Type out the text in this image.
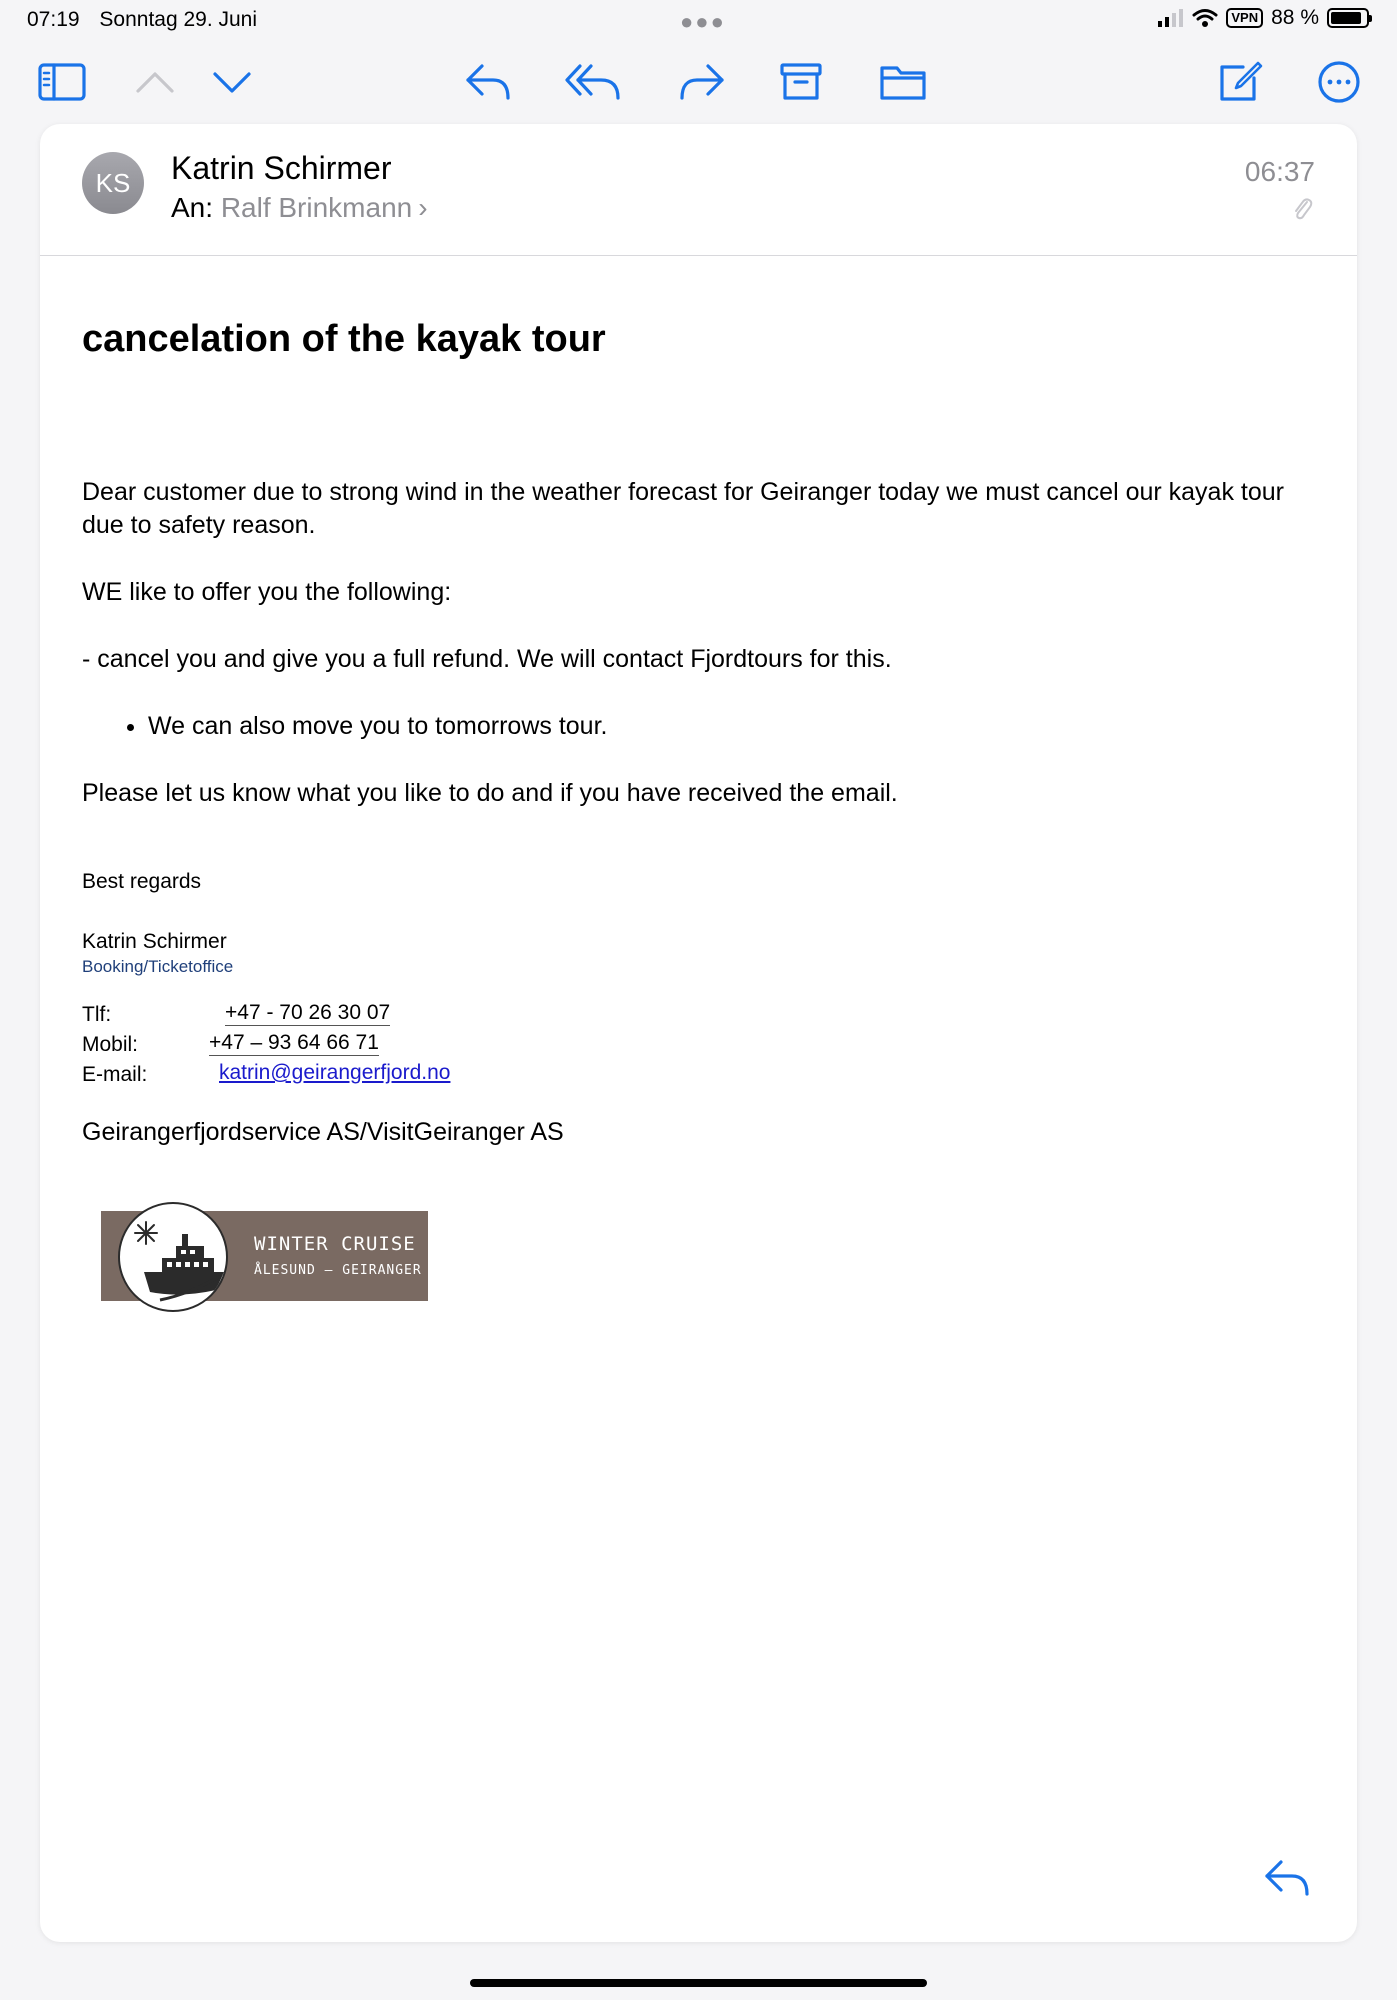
07:19 Sonntag 29. Juni	●●●	VPN 88 %
KS	Katrin Schirmer
An: Ralf Brinkmann ›
06:37
cancelation of the kayak tour

Dear customer due to strong wind in the weather forecast for Geiranger today we must cancel our kayak tour due to safety reason.

WE like to offer you the following:

- cancel you and give you a full refund. We will contact Fjordtours for this.

• We can also move you to tomorrows tour.

Please let us know what you like to do and if you have received the email.

Best regards
Katrin Schirmer
Booking/Ticketoffice
Tlf:	+47 - 70 26 30 07
Mobil:	+47 – 93 64 66 71
E-mail:	katrin@geirangerfjord.no
Geirangerfjordservice AS/VisitGeiranger AS
WINTER CRUISE
ÅLESUND – GEIRANGER
